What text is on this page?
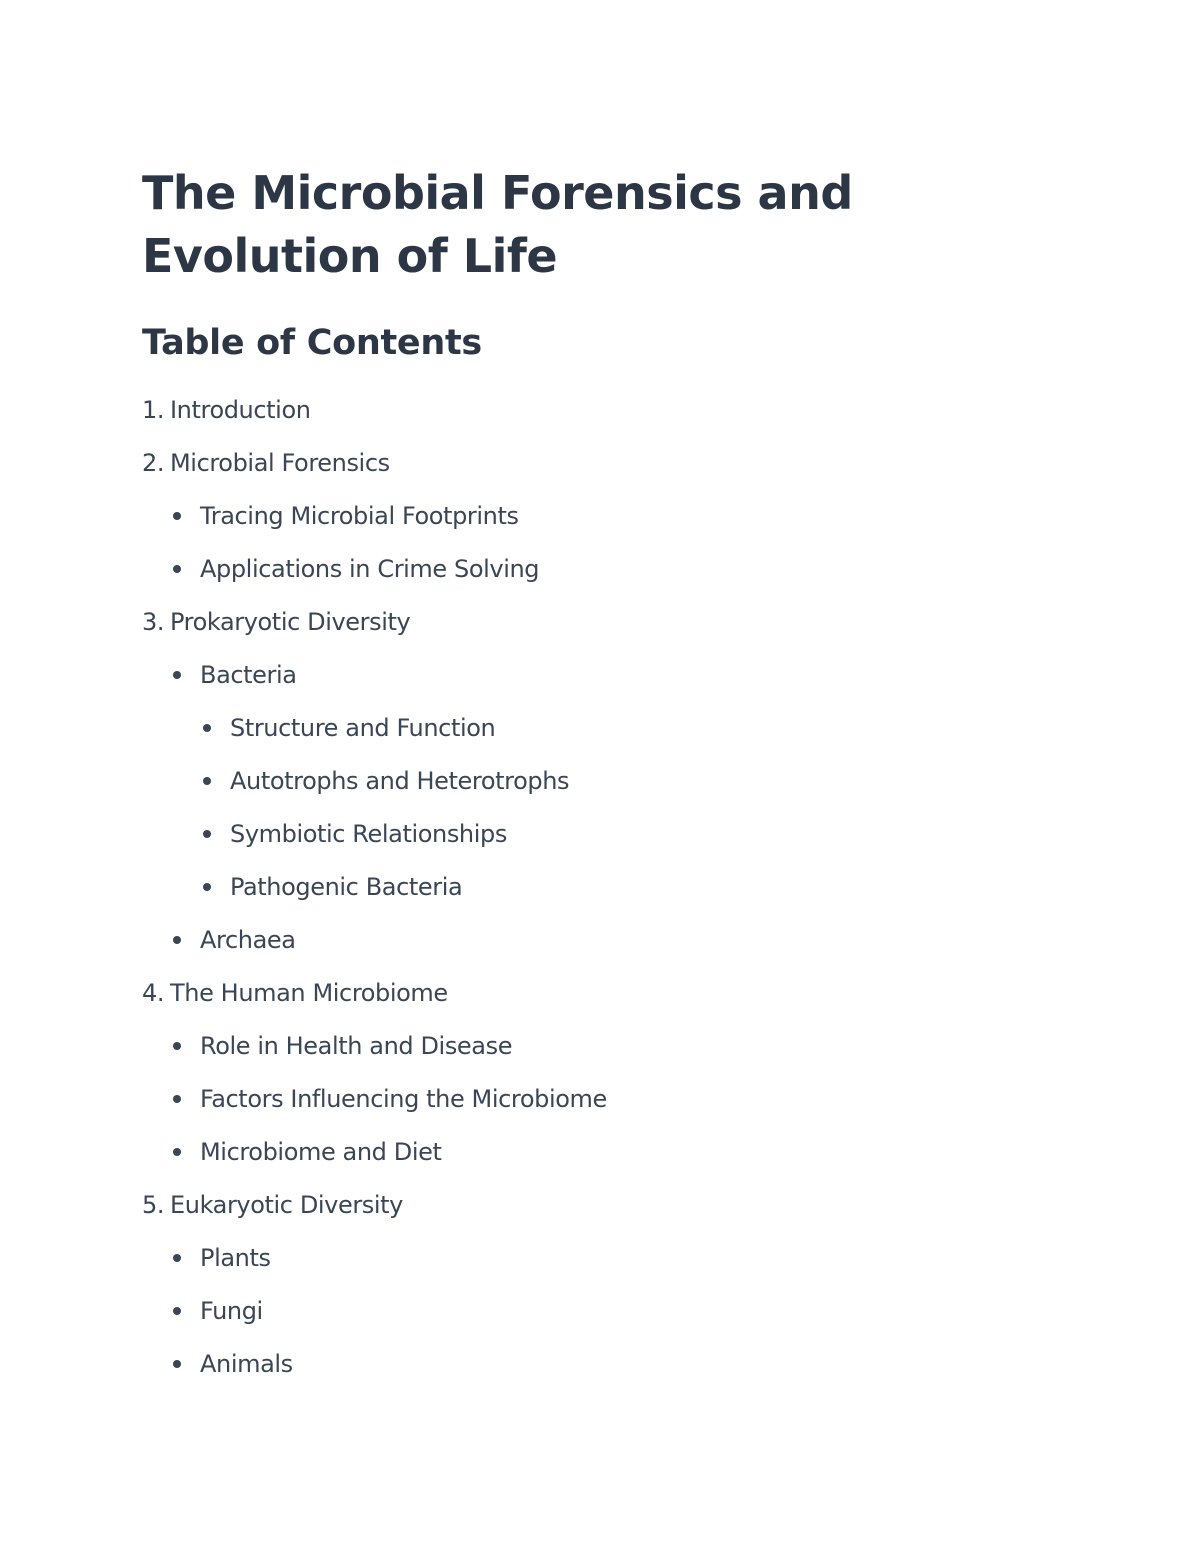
The Microbial Forensics and Evolution of Life
Table of Contents
1. Introduction
2. Microbial Forensics
Tracing Microbial Footprints
Applications in Crime Solving
3. Prokaryotic Diversity
Bacteria
Structure and Function
Autotrophs and Heterotrophs
Symbiotic Relationships
Pathogenic Bacteria
Archaea
4. The Human Microbiome
Role in Health and Disease
Factors Influencing the Microbiome
Microbiome and Diet
5. Eukaryotic Diversity
Plants
Fungi
Animals
